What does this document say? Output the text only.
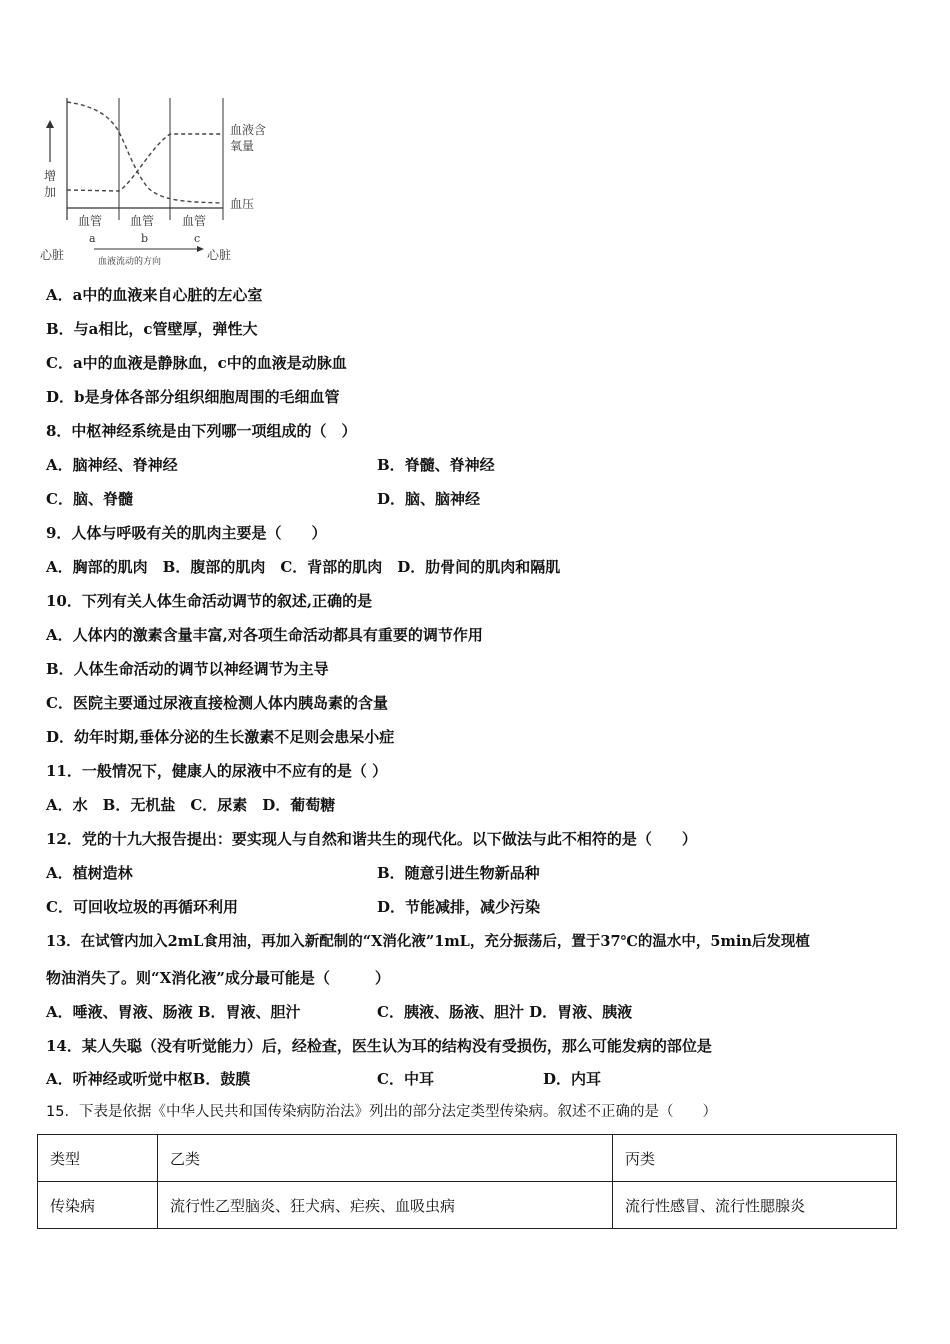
增
加
血液含
氧量
血压
血管 血管 血管
a	b	c
心脏	血液流动的方向	心脏
A．a中的血液来自心脏的左心室
B．与a相比，c管壁厚，弹性大
C．a中的血液是静脉血，c中的血液是动脉血
D．b是身体各部分组织细胞周围的毛细血管
8．中枢神经系统是由下列哪一项组成的（　）
A．脑神经、脊神经	B．脊髓、脊神经
C．脑、脊髓	D．脑、脑神经
9．人体与呼吸有关的肌肉主要是（　　）
A．胸部的肌肉　B．腹部的肌肉　C．背部的肌肉　D．肋骨间的肌肉和隔肌
10．下列有关人体生命活动调节的叙述,正确的是
A．人体内的激素含量丰富,对各项生命活动都具有重要的调节作用
B．人体生命活动的调节以神经调节为主导
C．医院主要通过尿液直接检测人体内胰岛素的含量
D．幼年时期,垂体分泌的生长激素不足则会患呆小症
11．一般情况下，健康人的尿液中不应有的是（ ）
A．水　B．无机盐　C．尿素　D．葡萄糖
12．党的十九大报告提出：要实现人与自然和谐共生的现代化。以下做法与此不相符的是（　　）
A．植树造林	B．随意引进生物新品种
C．可回收垃圾的再循环利用	D．节能减排，减少污染
13．在试管内加入2mL食用油，再加入新配制的“X消化液”1mL，充分振荡后，置于37℃的温水中，5min后发现植
物油消失了。则“X消化液”成分最可能是（　　　）
A．唾液、胃液、肠液 B．胃液、胆汁	C．胰液、肠液、胆汁 D．胃液、胰液
14．某人失聪（没有听觉能力）后，经检查，医生认为耳的结构没有受损伤，那么可能发病的部位是
A．听神经或听觉中枢B．鼓膜	C．中耳	D．内耳
15．下表是依据《中华人民共和国传染病防治法》列出的部分法定类型传染病。叙述不正确的是（　　）
类型	乙类	丙类
传染病	流行性乙型脑炎、狂犬病、疟疾、血吸虫病	流行性感冒、流行性腮腺炎
